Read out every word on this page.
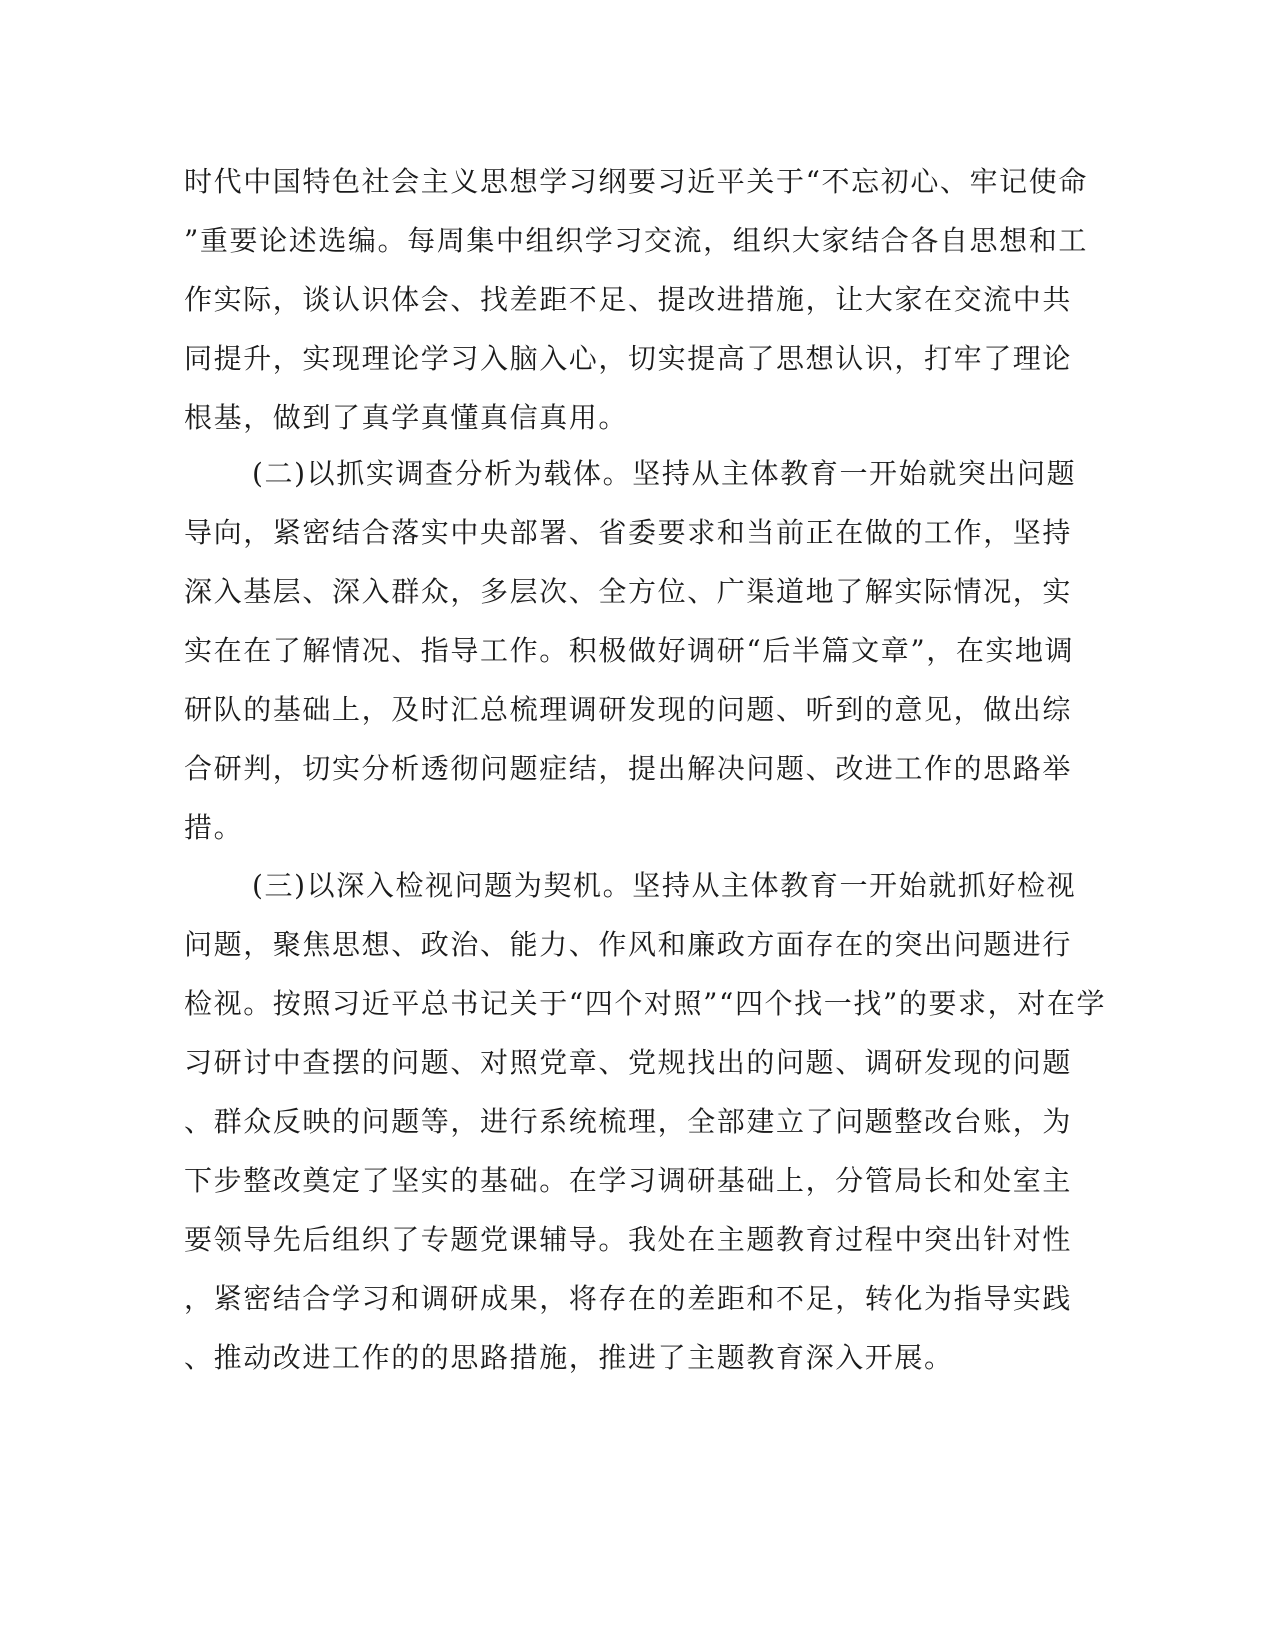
时代中国特色社会主义思想学习纲要习近平关于“不忘初心、牢记使命
”重要论述选编。每周集中组织学习交流，组织大家结合各自思想和工
作实际，谈认识体会、找差距不足、提改进措施，让大家在交流中共
同提升，实现理论学习入脑入心，切实提高了思想认识，打牢了理论
根基，做到了真学真懂真信真用。
(二)以抓实调查分析为载体。坚持从主体教育一开始就突出问题
导向，紧密结合落实中央部署、省委要求和当前正在做的工作，坚持
深入基层、深入群众，多层次、全方位、广渠道地了解实际情况，实
实在在了解情况、指导工作。积极做好调研“后半篇文章”，在实地调
研队的基础上，及时汇总梳理调研发现的问题、听到的意见，做出综
合研判，切实分析透彻问题症结，提出解决问题、改进工作的思路举
措。
(三)以深入检视问题为契机。坚持从主体教育一开始就抓好检视
问题，聚焦思想、政治、能力、作风和廉政方面存在的突出问题进行
检视。按照习近平总书记关于“四个对照”“四个找一找”的要求，对在学
习研讨中查摆的问题、对照党章、党规找出的问题、调研发现的问题
、群众反映的问题等，进行系统梳理，全部建立了问题整改台账，为
下步整改奠定了坚实的基础。在学习调研基础上，分管局长和处室主
要领导先后组织了专题党课辅导。我处在主题教育过程中突出针对性
，紧密结合学习和调研成果，将存在的差距和不足，转化为指导实践
、推动改进工作的的思路措施，推进了主题教育深入开展。
